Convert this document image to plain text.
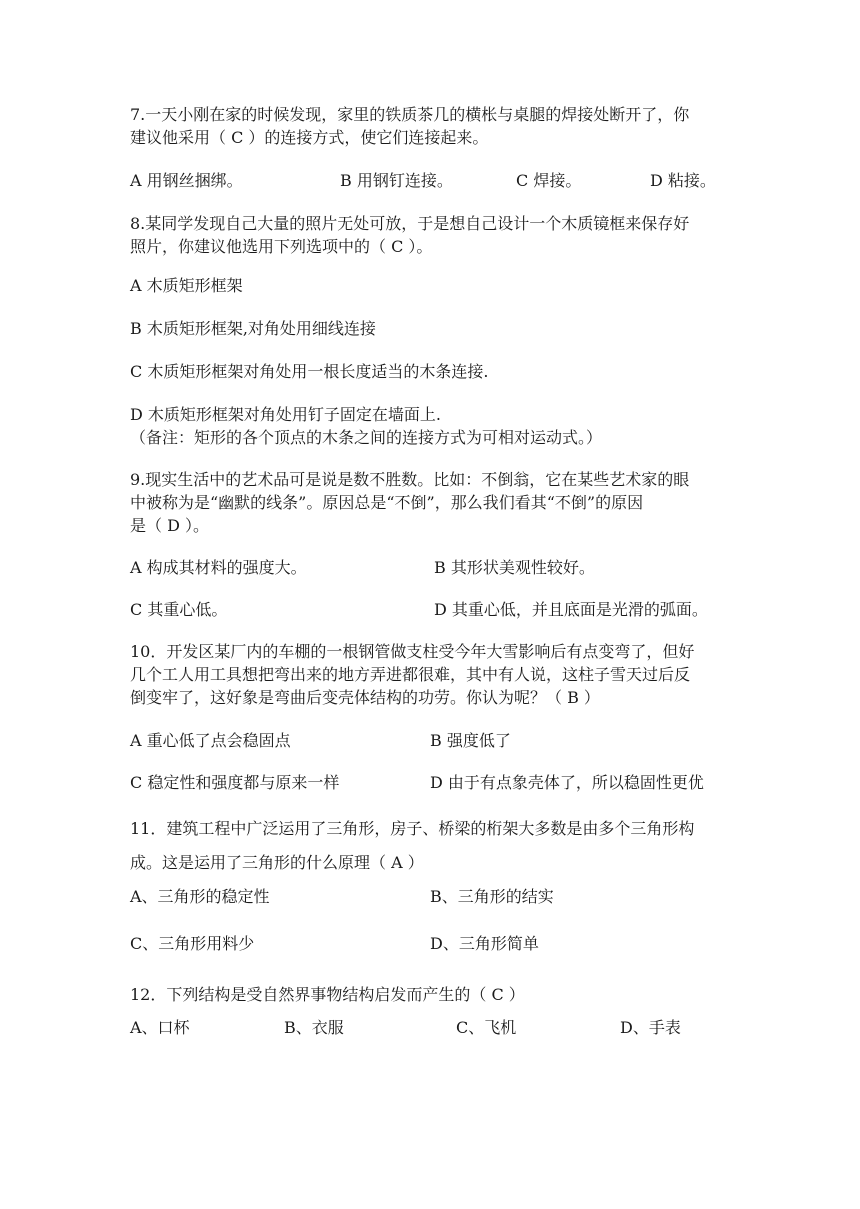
7.一天小刚在家的时候发现，家里的铁质茶几的横枨与桌腿的焊接处断开了，你
建议他采用（ C ）的连接方式，使它们连接起来。
A 用钢丝捆绑。	B 用钢钉连接。	C 焊接。	D 粘接。
8.某同学发现自己大量的照片无处可放，于是想自己设计一个木质镜框来保存好
照片，你建议他选用下列选项中的（ C ）。
A 木质矩形框架
B 木质矩形框架,对角处用细线连接
C 木质矩形框架对角处用一根长度适当的木条连接.
D 木质矩形框架对角处用钉子固定在墙面上.
（备注：矩形的各个顶点的木条之间的连接方式为可相对运动式。）
9.现实生活中的艺术品可是说是数不胜数。比如：不倒翁，它在某些艺术家的眼
中被称为是“幽默的线条”。原因总是“不倒”，那么我们看其“不倒”的原因
是（ D ）。
A 构成其材料的强度大。	B 其形状美观性较好。
C 其重心低。	D 其重心低，并且底面是光滑的弧面。
10．开发区某厂内的车棚的一根钢管做支柱受今年大雪影响后有点变弯了，但好
几个工人用工具想把弯出来的地方弄进都很难，其中有人说，这柱子雪天过后反
倒变牢了，这好象是弯曲后变壳体结构的功劳。你认为呢？（ B ）
A 重心低了点会稳固点	B 强度低了
C 稳定性和强度都与原来一样	D 由于有点象壳体了，所以稳固性更优
11．建筑工程中广泛运用了三角形，房子、桥梁的桁架大多数是由多个三角形构
成。这是运用了三角形的什么原理（ A ）
A、三角形的稳定性	B、三角形的结实
C、三角形用料少	D、三角形简单
12．下列结构是受自然界事物结构启发而产生的（ C ）
A、口杯	B、衣服	C、飞机	D、手表
